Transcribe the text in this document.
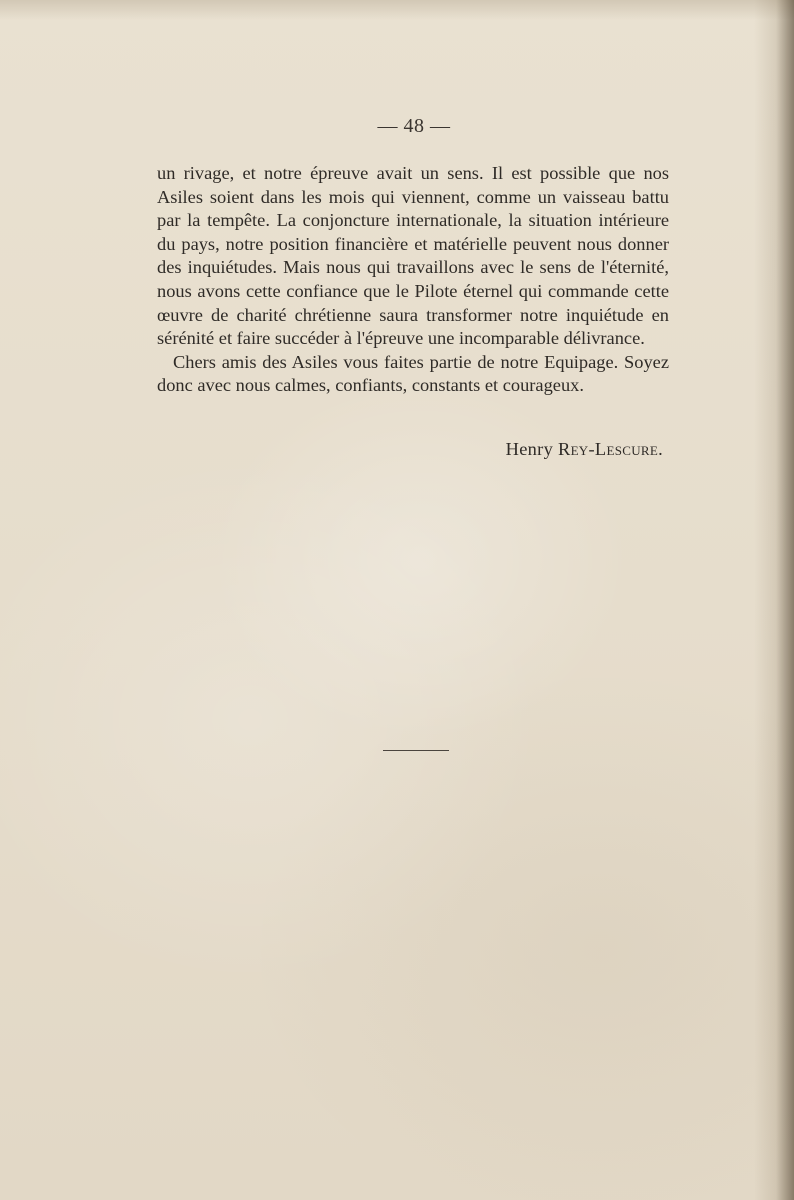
— 48 —

un rivage, et notre épreuve avait un sens. Il est possible que nos Asiles soient dans les mois qui viennent, comme un vaisseau battu par la tempête. La conjoncture internationale, la situation intérieure du pays, notre position financière et matérielle peuvent nous donner des inquiétudes. Mais nous qui travaillons avec le sens de l'éternité, nous avons cette confiance que le Pilote éternel qui commande cette œuvre de charité chrétienne saura transformer notre inquiétude en sérénité et faire succéder à l'épreuve une incomparable délivrance.

Chers amis des Asiles vous faites partie de notre Equipage. Soyez donc avec nous calmes, confiants, constants et courageux.

Henry Rey-Lescure.
